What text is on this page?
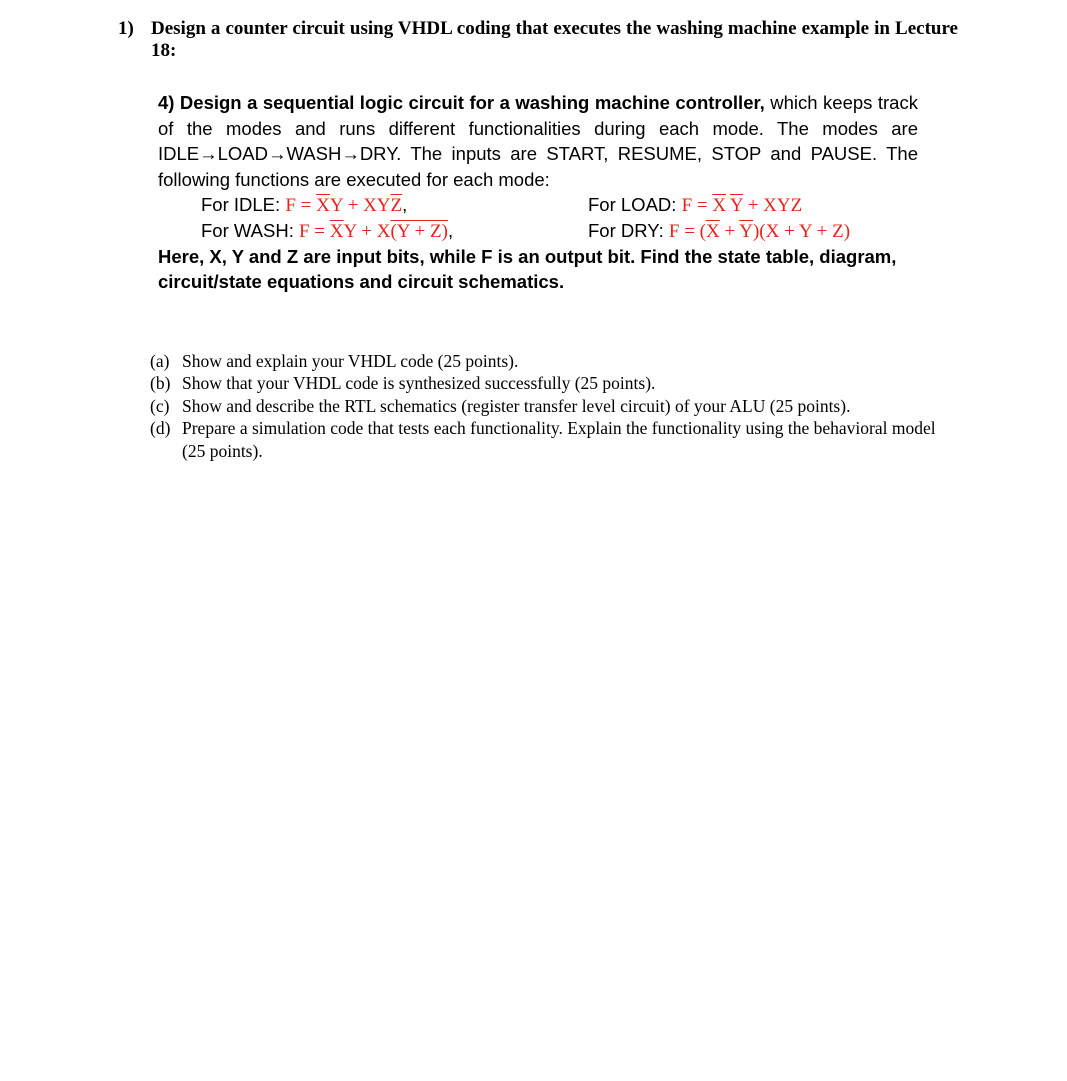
1) Design a counter circuit using VHDL coding that executes the washing machine example in Lecture 18:
4) Design a sequential logic circuit for a washing machine controller, which keeps track of the modes and runs different functionalities during each mode. The modes are IDLE→LOAD→WASH→DRY. The inputs are START, RESUME, STOP and PAUSE. The following functions are executed for each mode:
For IDLE: $F = \overline{X}Y + XY\overline{Z}$,	For LOAD: $F = \overline{X}$  $\overline{Y}$ + XYZ
For WASH: $F = \overline{X}Y + X(Y + Z)$,	For DRY: $F = (\overline{X} + \overline{Y})(X + Y + Z)$
Here, X, Y and Z are input bits, while F is an output bit. Find the state table, diagram, circuit/state equations and circuit schematics.
(a) Show and explain your VHDL code (25 points).
(b) Show that your VHDL code is synthesized successfully (25 points).
(c) Show and describe the RTL schematics (register transfer level circuit) of your ALU (25 points).
(d) Prepare a simulation code that tests each functionality. Explain the functionality using the behavioral model (25 points).
